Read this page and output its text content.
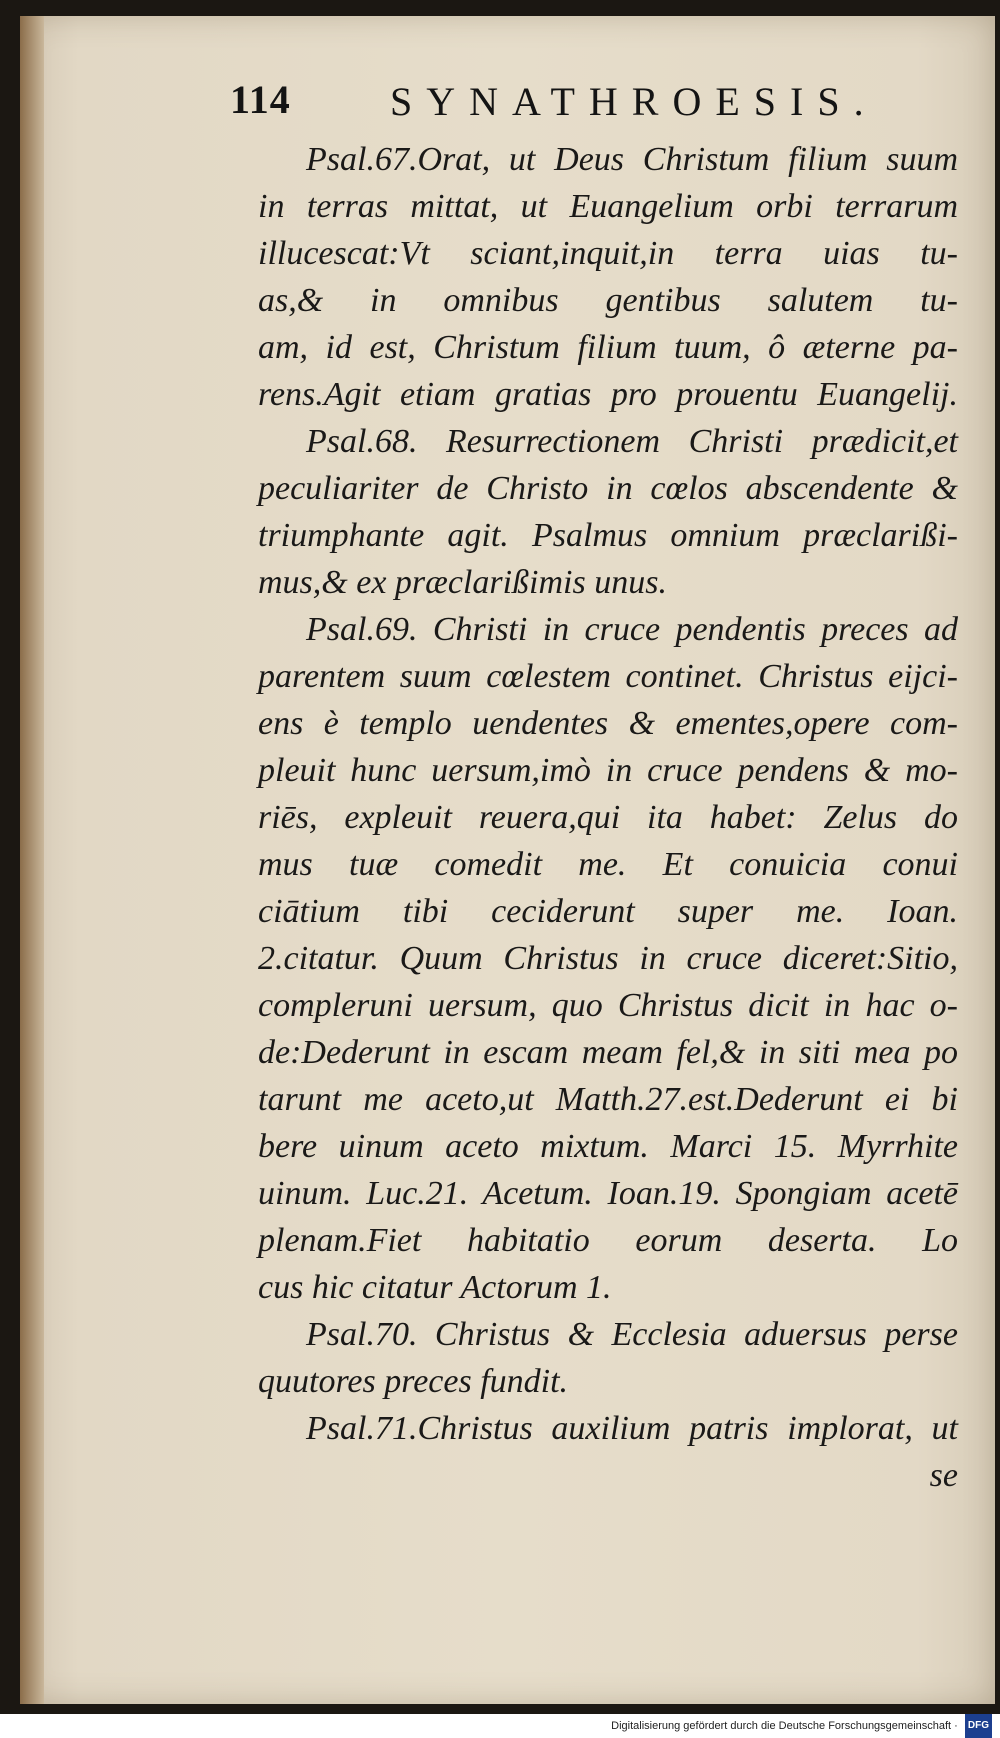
114 SYNATHROESIS.
Psal.67.Orat, ut Deus Christum filium suum
in terras mittat, ut Euangelium orbi terrarum
illucescat:Vt sciant,inquit,in terra uias tu-
as,& in omnibus gentibus salutem tu-
am, id est, Christum filium tuum, ô æterne pa-
rens.Agit etiam gratias pro prouentu Euangelij.
Psal.68. Resurrectionem Christi prædicit,et
peculiariter de Christo in cœlos abscendente &
triumphante agit. Psalmus omnium præclarißi-
mus,& ex præclarißimis unus.
Psal.69. Christi in cruce pendentis preces ad
parentem suum cœlestem continet. Christus eijci-
ens è templo uendentes & ementes,opere com-
pleuit hunc uersum,imò in cruce pendens & mo-
riēs, expleuit reuera,qui ita habet: Zelus do
mus tuæ comedit me. Et conuicia conui
ciātium tibi ceciderunt super me. Ioan.
2.citatur. Quum Christus in cruce diceret:Sitio,
compleruni uersum, quo Christus dicit in hac o-
de:Dederunt in escam meam fel,& in siti mea po
tarunt me aceto,ut Matth.27.est.Dederunt ei bi
bere uinum aceto mixtum. Marci 15. Myrrhite
uinum. Luc.21. Acetum. Ioan.19. Spongiam acetē
plenam.Fiet habitatio eorum deserta. Lo
cus hic citatur Actorum 1.
Psal.70. Christus & Ecclesia aduersus perse
quutores preces fundit.
Psal.71.Christus auxilium patris implorat, ut
se
Digitalisierung gefördert durch die Deutsche Forschungsgemeinschaft · DFG
